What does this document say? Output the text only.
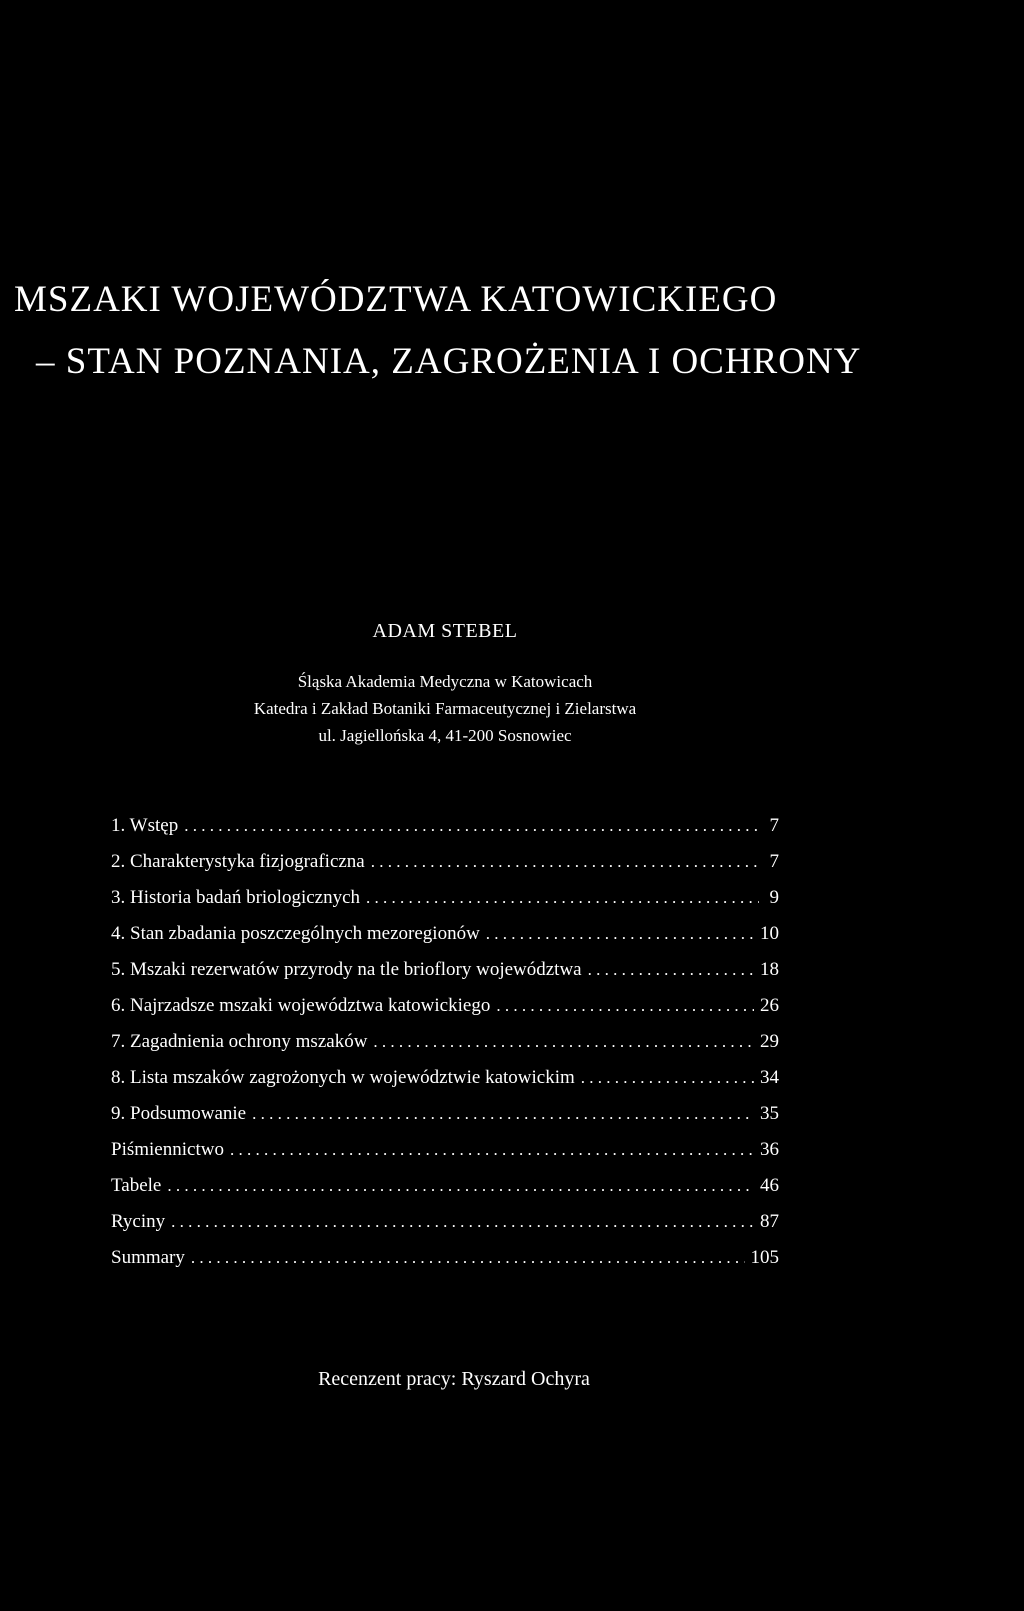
MSZAKI WOJEWÓDZTWA KATOWICKIEGO
– STAN POZNANIA, ZAGROŻENIA I OCHRONY
ADAM STEBEL
Śląska Akademia Medyczna w Katowicach
Katedra i Zakład Botaniki Farmaceutycznej i Zielarstwa
ul. Jagiellońska 4, 41-200 Sosnowiec
1. Wstęp . . .	7
2. Charakterystyka fizjograficzna . . .	7
3. Historia badań briologicznych . . .	9
4. Stan zbadania poszczególnych mezoregionów . . .	10
5. Mszaki rezerwatów przyrody na tle brioflory województwa . . .	18
6. Najrzadsze mszaki województwa katowickiego . . .	26
7. Zagadnienia ochrony mszaków . . .	29
8. Lista mszaków zagrożonych w województwie katowickim . . .	34
9. Podsumowanie . . .	35
Piśmiennictwo . . .	36
Tabele . . .	46
Ryciny . . .	87
Summary . . .	105
Recenzent pracy: Ryszard Ochyra
